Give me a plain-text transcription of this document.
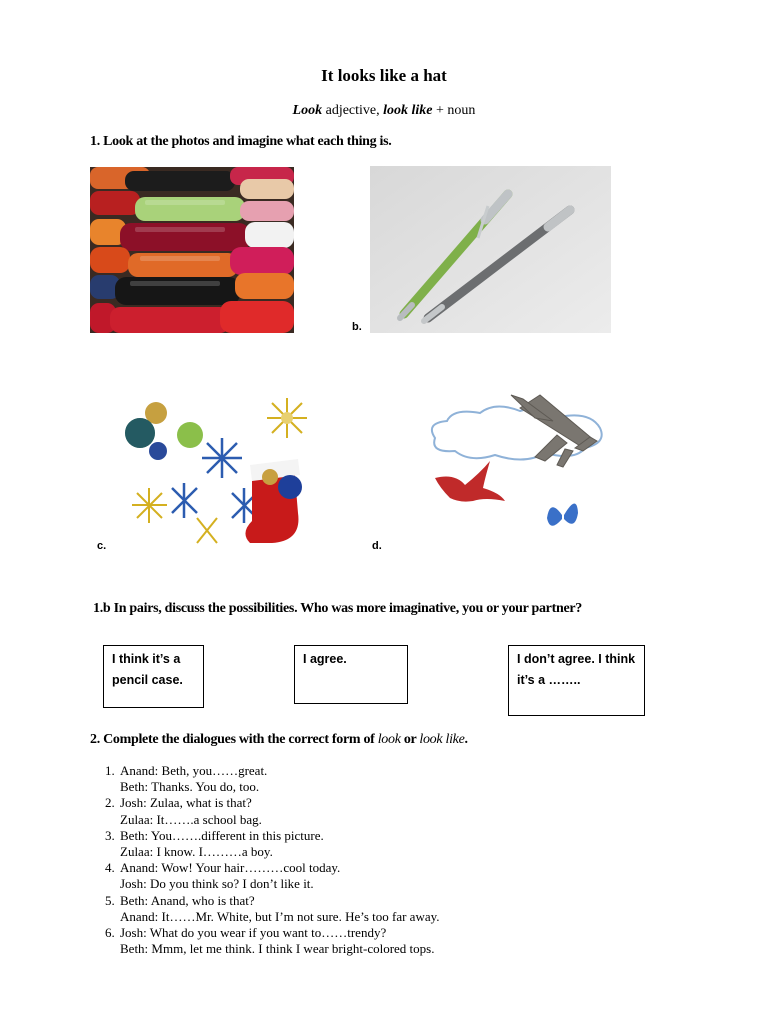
It looks like a hat
Look adjective, look like + noun
1. Look at the photos and imagine what each thing is.
b.
c.	d.
1.b In pairs, discuss the possibilities. Who was more imaginative, you or your partner?
I think it’s a
pencil case.
I agree.	I don’t agree. I think
it’s a ……..
2. Complete the dialogues with the correct form of look or look like.
1. Anand: Beth, you……great.
Beth: Thanks. You do, too.
2. Josh: Zulaa, what is that?
Zulaa: It…….a school bag.
3. Beth: You…….different in this picture.
Zulaa: I know. I………a boy.
4. Anand: Wow! Your hair………cool today.
Josh: Do you think so? I don’t like it.
5. Beth: Anand, who is that?
Anand: It……Mr. White, but I’m not sure. He’s too far away.
6. Josh: What do you wear if you want to……trendy?
Beth: Mmm, let me think. I think I wear bright-colored tops.
